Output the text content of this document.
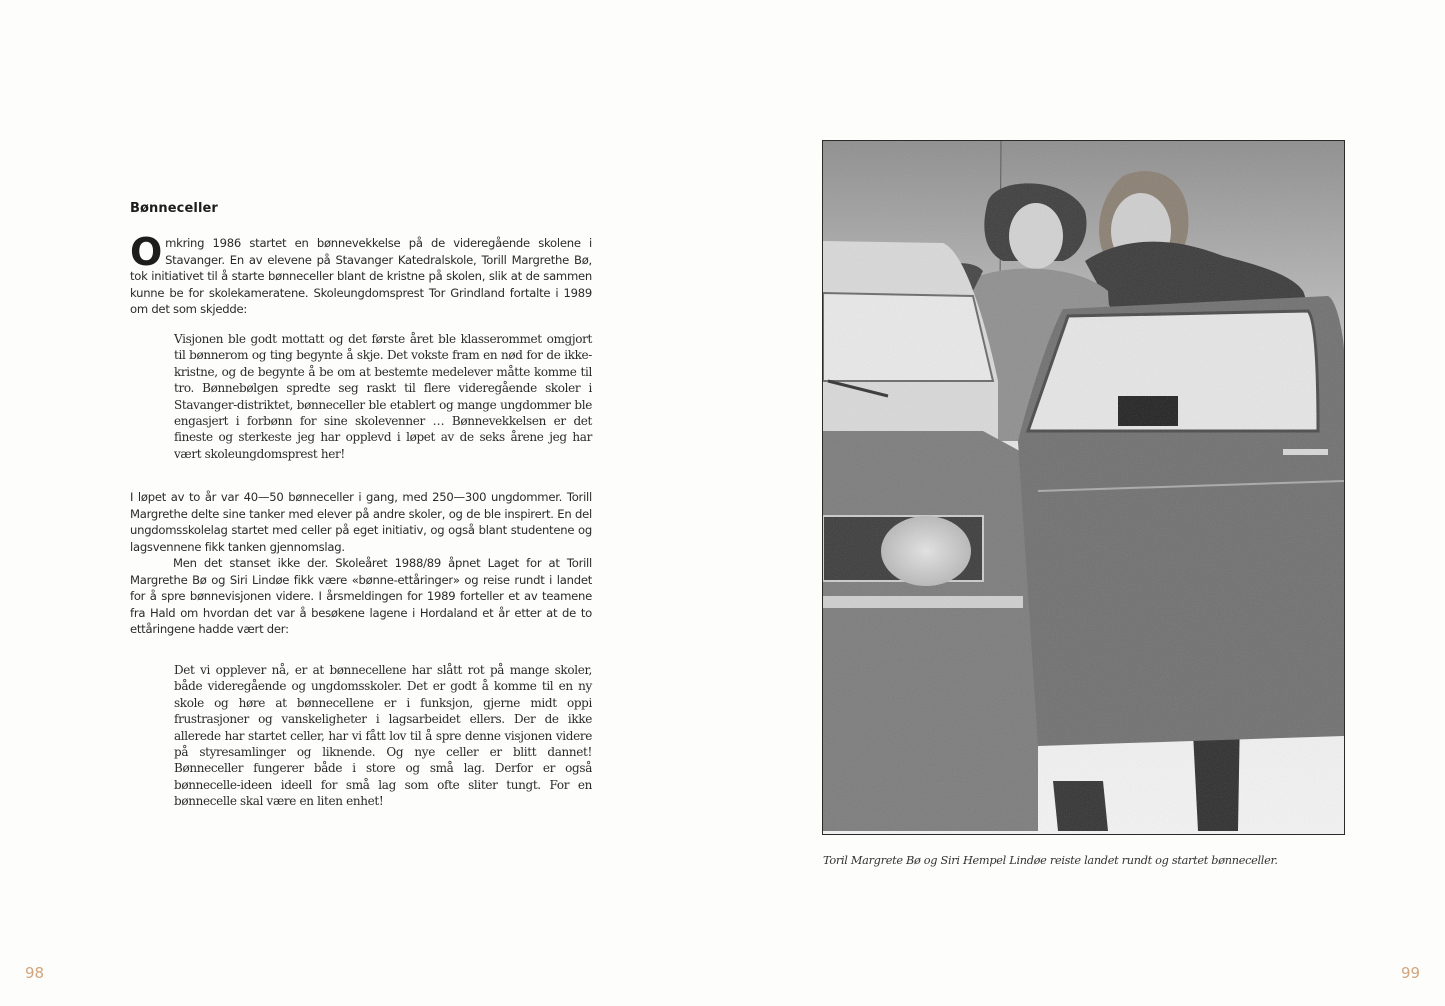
Bønneceller
Omkring 1986 startet en bønnevekkelse på de videregående skolene i Stavanger. En av elevene på Stavanger Katedralskole, Torill Margrethe Bø, tok initiativet til å starte bønneceller blant de kristne på skolen, slik at de sammen kunne be for skolekameratene. Skoleungdomsprest Tor Grindland fortalte i 1989 om det som skjedde:
Visjonen ble godt mottatt og det første året ble klasserommet omgjort til bønnerom og ting begynte å skje. Det vokste fram en nød for de ikke-kristne, og de begynte å be om at bestemte medelever måtte komme til tro. Bønnebølgen spredte seg raskt til flere videregående skoler i Stavanger-distriktet, bønneceller ble etablert og mange ungdommer ble engasjert i forbønn for sine skolevenner … Bønnevekkelsen er det fineste og sterkeste jeg har opplevd i løpet av de seks årene jeg har vært skoleungdomsprest her!
I løpet av to år var 40—50 bønneceller i gang, med 250—300 ungdommer. Torill Margrethe delte sine tanker med elever på andre skoler, og de ble inspirert. En del ungdomsskolelag startet med celler på eget initiativ, og også blant studentene og lagsvennene fikk tanken gjennomslag.
Men det stanset ikke der. Skoleåret 1988/89 åpnet Laget for at Torill Margrethe Bø og Siri Lindøe fikk være «bønne-ettåringer» og reise rundt i landet for å spre bønnevisjonen videre. I årsmeldingen for 1989 forteller et av teamene fra Hald om hvordan det var å besøkene lagene i Hordaland et år etter at de to ettåringene hadde vært der:
Det vi opplever nå, er at bønnecellene har slått rot på mange skoler, både videregående og ungdomsskoler. Det er godt å komme til en ny skole og høre at bønnecellene er i funksjon, gjerne midt oppi frustrasjoner og vanskeligheter i lagsarbeidet ellers. Der de ikke allerede har startet celler, har vi fått lov til å spre denne visjonen videre på styresamlinger og liknende. Og nye celler er blitt dannet! Bønneceller fungerer både i store og små lag. Derfor er også bønnecelle-ideen ideell for små lag som ofte sliter tungt. For en bønnecelle skal være en liten enhet!
98
Toril Margrete Bø og Siri Hempel Lindøe reiste landet rundt og startet bønneceller.
99
